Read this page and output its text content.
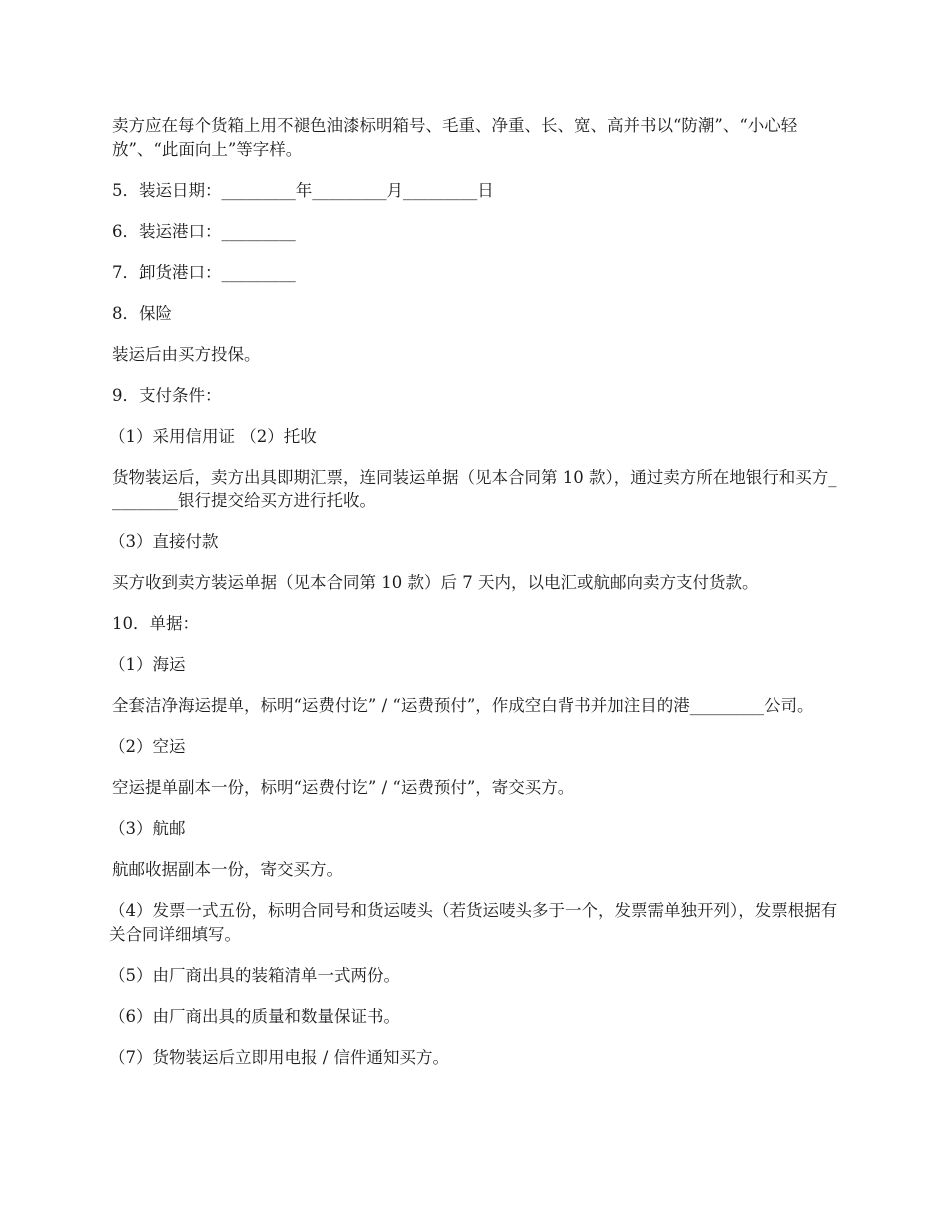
卖方应在每个货箱上用不褪色油漆标明箱号、毛重、净重、长、宽、高并书以“防潮”、“小心轻放”、“此面向上”等字样。

5．装运日期：_________年_________月_________日

6．装运港口：_________

7．卸货港口：_________

8．保险

装运后由买方投保。

9．支付条件：

（1）采用信用证 （2）托收

货物装运后，卖方出具即期汇票，连同装运单据（见本合同第 10 款），通过卖方所在地银行和买方_________银行提交给买方进行托收。

（3）直接付款

买方收到卖方装运单据（见本合同第 10 款）后 7 天内，以电汇或航邮向卖方支付货款。

10．单据：

（1）海运

全套洁净海运提单，标明“运费付讫” / “运费预付”，作成空白背书并加注目的港_________公司。

（2）空运

空运提单副本一份，标明“运费付讫” / “运费预付”，寄交买方。

（3）航邮

航邮收据副本一份，寄交买方。

（4）发票一式五份，标明合同号和货运唛头（若货运唛头多于一个，发票需单独开列），发票根据有关合同详细填写。

（5）由厂商出具的装箱清单一式两份。

（6）由厂商出具的质量和数量保证书。

（7）货物装运后立即用电报 / 信件通知买方。
